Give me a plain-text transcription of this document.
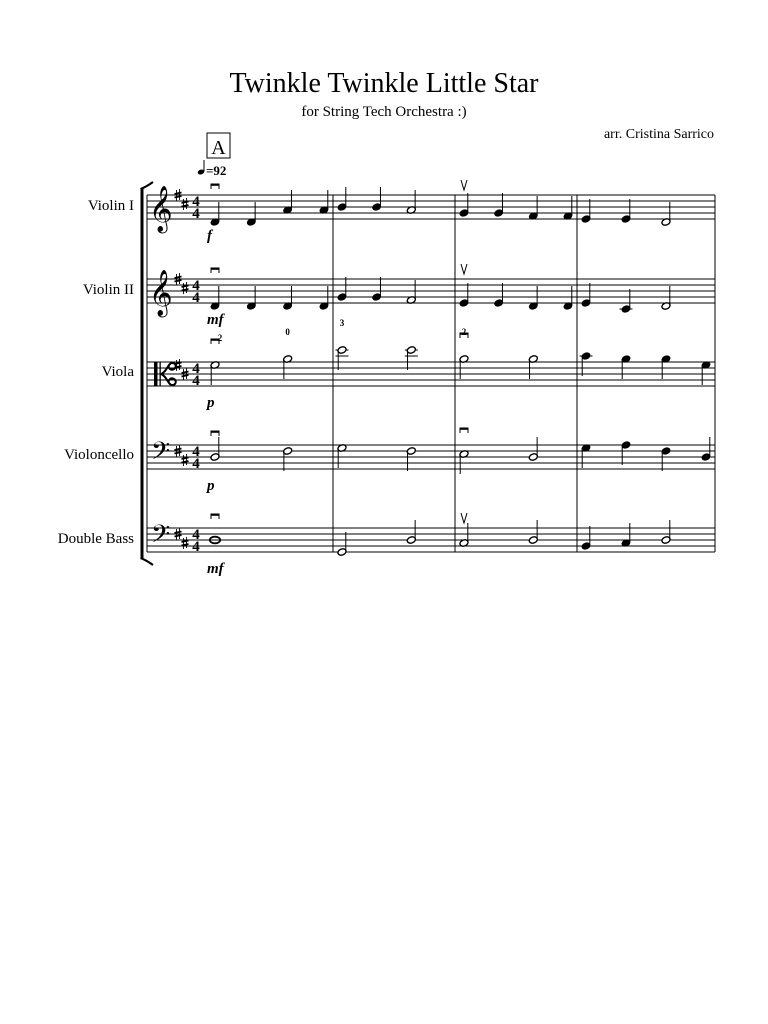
Twinkle Twinkle Little Star
for String Tech Orchestra :)
arr. Cristina Sarrico
Violin I
Violin II
Viola
Violoncello
Double Bass
A
=92
𝄞 4
4
f
𝄞 4
4
mf
4
4
p
𝄢 4
4
p
𝄢 4
4
mf
2
0
3
2
